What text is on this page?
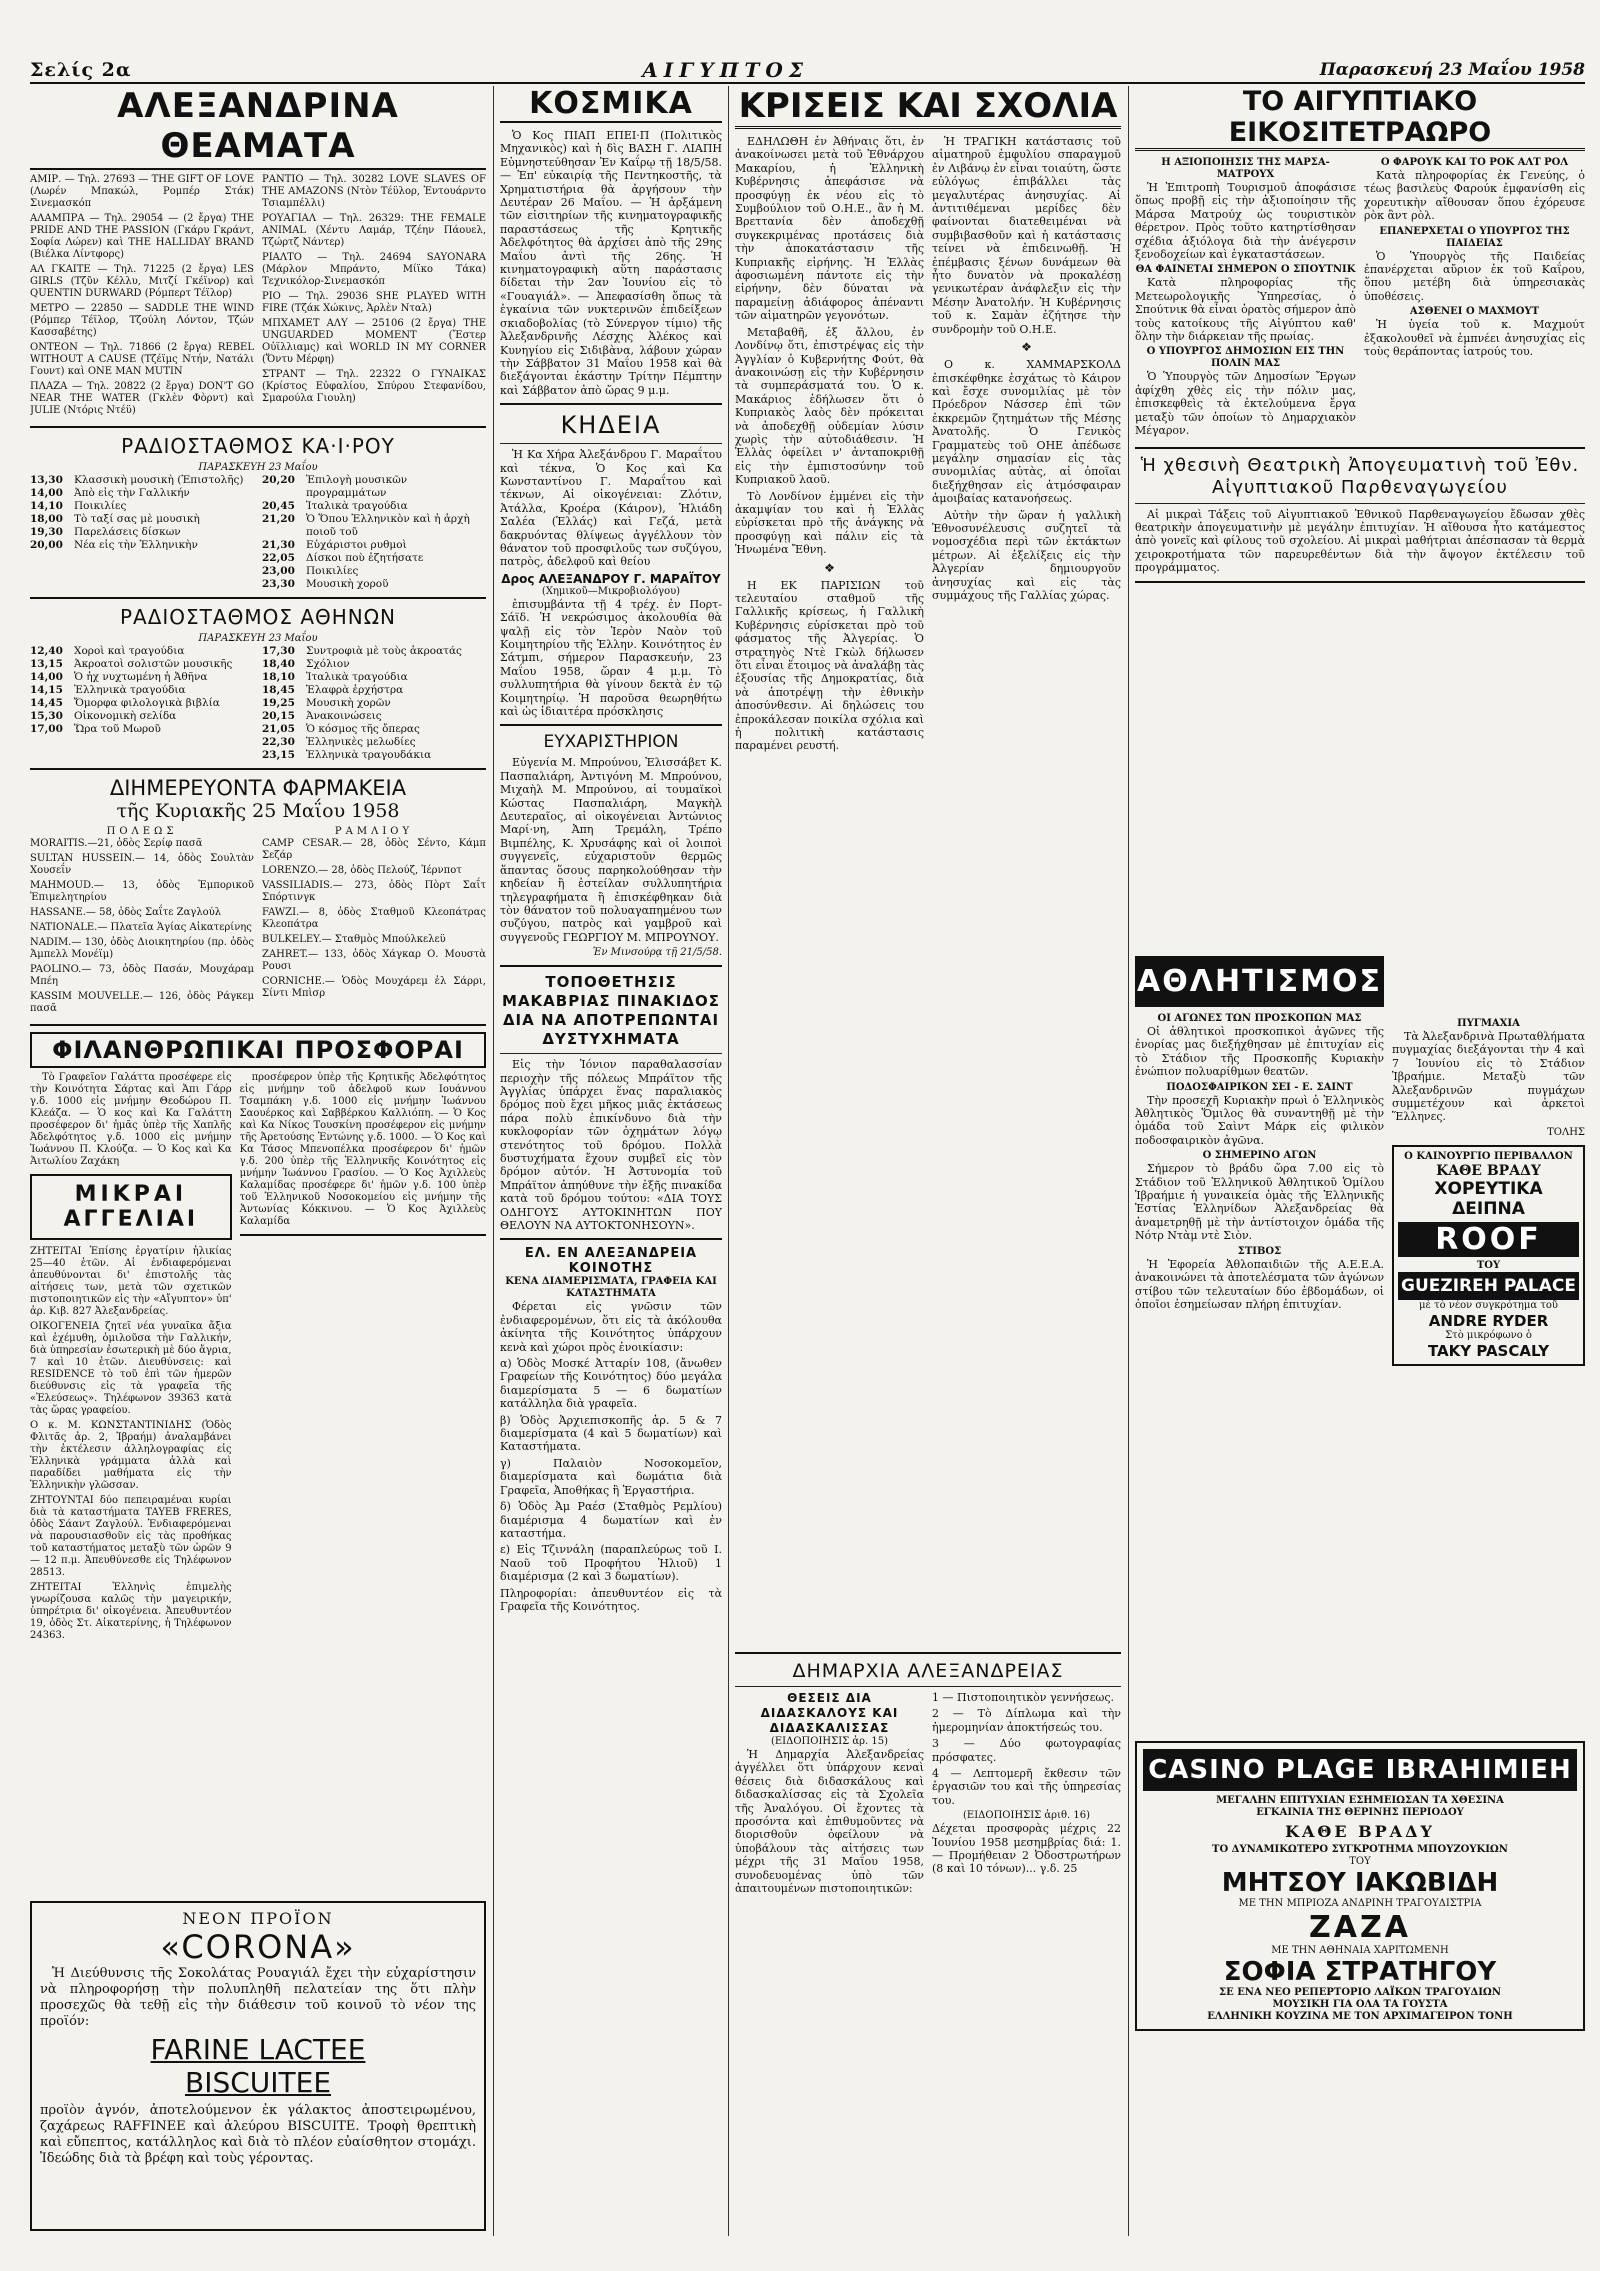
Σελίς 2α	ΑΙΓΥΠΤΟΣ	Παρασκευή 23 Μαΐου 1958
ΑΛΕΞΑΝΔΡΙΝΑ ΘΕΑΜΑΤΑ

ΑΜΙΡ. — Τηλ. 27693 — THE GIFT OF LOVE (Λωρέν Μπακώλ, Ρομπέρ Στάκ) Σινεμασκόπ

ΑΛΑΜΠΡΑ — Τηλ. 29054 — (2 ἔργα) THE PRIDE AND THE PASSION (Γκάρυ Γκράντ, Σοφία Λώρεν) καὶ THE HALLIDAY BRAND (Βιέλκα Λίντφορς)

ΑΛ ΓΚΑΙΤΕ — Τηλ. 71225 (2 ἔργα) LES GIRLS (Τζῦν Κέλλυ, Μιτζί Γκέϊνορ) καὶ QUENTIN DURWARD (Ρόμπερτ Τέϊλορ)

ΜΕΤΡΟ — 22850 — SADDLE THE WIND (Ρόμπερ Τέϊλορ, Τζούλη Λόντον, Τζών Κασσαβέτης)

ΟΝΤΕΟΝ — Τηλ. 71866 (2 ἔργα) REBEL WITHOUT A CAUSE (Τζέϊμς Ντήν, Νατάλι Γουντ) καὶ ONE MAN MUTIN

ΠΛΑΖΑ — Τηλ. 20822 (2 ἔργα) DON'T GO NEAR THE WATER (Γκλὲν Φὸρντ) καὶ JULIE (Ντόρις Ντέϋ)

ΡΑΝΤΙΟ — Τηλ. 30282 LOVE SLAVES OF THE AMAZONS (Ντὸν Τέϋλορ, Ἐντουάρντο Τσιαμπέλλι)

ΡΟΥΑΓΙΑΛ — Τηλ. 26329: THE FEMALE ANIMAL (Χέντυ Λαμάρ, Τζέην Πάουελ, Τζώρτζ Νάντερ)

ΡΙΑΛΤΟ — Τηλ. 24694 SAYONARA (Μάρλον Μπράντο, Μίϊκο Τάκα) Τεχνικόλορ-Σινεμασκόπ

ΡΙΟ — Τηλ. 29036 SHE PLAYED WITH FIRE (Τζάκ Χώκινς, Ἀρλὲν Νταλ)

ΜΠΧΑΜΕΤ ΑΛΥ — 25106 (2 ἔργα) THE UNGUARDED MOMENT (Ἔστερ Οὐϊλλιαμς) καὶ WORLD IN MY CORNER (Ὄντυ Μέρφη)

ΣΤΡΑΝΤ — Τηλ. 22322 Ο ΓΥΝΑΙΚΑΣ (Κρίστος Εὐφαλίου, Σπύρου Στεφανίδου, Σμαρούλα Γιουλη)

ΡΑΔΙΟΣΤΑΘΜΟΣ ΚΑ·Ι·ΡΟΥ
ΠΑΡΑΣΚΕΥΗ 23 Μαΐου
13,30	Κλασσικὴ μουσικὴ (Ἐπιστολῆς)
14,00	Ἀπὸ εἰς τὴν Γαλλικήν
14,10	Ποικιλίες
18,00	Τὸ ταξί σας μὲ μουσικὴ
19,30	Παρελάσεις δίσκων
20,00	Νέα εἰς τὴν Ἑλληνικὴν
20,20	Ἐπιλογὴ μουσικῶν προγραμμάτων
20,45	Ἰταλικὰ τραγούδια
21,20	Ὁ Ὅπου Ἐλληνικὸν καὶ ἡ ἀρχὴ ποιοῦ τοῦ
21,30	Εὐχάριστοι ρυθμοὶ
22,05	Δίσκοι ποὺ ἐζητήσατε
23,00	Ποικιλίες
23,30	Μουσικὴ χοροῦ
ΡΑΔΙΟΣΤΑΘΜΟΣ ΑΘΗΝΩΝ
ΠΑΡΑΣΚΕΥΗ 23 Μαΐου
12,40	Χοροὶ καὶ τραγούδια
13,15	Ἀκροατοὶ σολιστῶν μουσικῆς
14,00	Ὁ ἠχ νυχτωμένη ἡ Ἀθῆνα
14,15	Ἐλληνικὰ τραγούδια
14,45	Ὄμορφα φιλολογικὰ βιβλία
15,30	Οἰκονομικὴ σελίδα
17,00	Ὥρα τοῦ Μωροῦ
17,30	Συντροφιὰ μὲ τοὺς ἀκροατάς
18,40	Σχόλιον
18,10	Ἰταλικὰ τραγούδια
18,45	Ἑλαφρὰ ἐρχήστρα
19,25	Μουσικὴ χορῶν
20,15	Ἀνακοινώσεις
21,05	Ὁ κόσμος τῆς ὄπερας
22,30	Ἑλληνικὲς μελωδίες
23,15	Ἑλληνικὰ τραγουδάκια
ΔΙΗΜΕΡΕΥΟΝΤΑ ΦΑΡΜΑΚΕΙΑ
τῆς Κυριακῆς 25 Μαΐου 1958
ΠΟΛΕΩΣ

MORAITIS.—21, ὁδὸς Σερίφ πασᾶ

SULTAN HUSSEIN.— 14, ὁδὸς Σουλτὰν Χουσεΐν

MAHMOUD.— 13, ὁδὸς Ἐμπορικοῦ Ἐπιμελητηρίου

HASSANE.— 58, ὁδὸς Σαΐτε Ζαγλούλ

NATIONALE.— Πλατεῖα Ἁγίας Αἰκατερίνης

NADIM.— 130, ὁδὸς Διοικητηρίου (πρ. ὁδὸς Ἀμπελλ Μονέϊμ)

PAOLINO.— 73, ὁδὸς Πασάν, Μουχάραμ Μπέη

KASSIM MOUVELLE.— 126, ὁδὸς Ράγκεμ πασᾶ

ΡΑΜΛΙΟΥ

CAMP CESAR.— 28, ὁδὸς Σέντο, Κάμπ Σεζάρ

LORENZO.— 28, ὁδὸς Πελούζ, Ἱέρνποτ

VASSILIADIS.— 273, ὁδὸς Πὸρτ Σαΐτ Σπόρτινγκ

FAWZI.— 8, ὁδὸς Σταθμοῦ Κλεοπάτρας Κλεοπάτρα

BULKELEY.— Σταθμὸς Μπούλκελεϋ

ZAHRET.— 133, ὁδὸς Χάγκαρ Ο. Μουστὰ Ρουσι

CORNICHE.— Ὁδὸς Μουχάρεμ ἐλ Σάρρι, Σίντι Μπὶσρ

ΦΙΛΑΝΘΡΩΠΙΚΑΙ ΠΡΟΣΦΟΡΑΙ

Τὸ Γραφεῖον Γαλάττα προσέφερε εἰς τὴν Κοινότητα Σάρτας καὶ Ἀπι Γάρρ γ.δ. 1000 εἰς μνήμην Θεοδώρου Π. Κλεάζα. — Ὁ κος καὶ Κα Γαλάττη προσέφερον δι' ἡμᾶς ὑπὲρ τῆς Χαπλῆς Ἀδελφότητος γ.δ. 1000 εἰς μνήμην Ἰωάννου Π. Κλούζα. — Ὁ Κος καὶ Κα Ἀιτωλίου Ζαχάκη

ΜΙΚΡΑΙ
ΑΓΓΕΛΙΑΙ

ΖΗΤΕΙΤΑΙ Ἐπίσης ἐργατίριν ἡλικίας 25—40 ἐτῶν. Αἱ ἐνδιαφερόμεναι ἀπευθύνονται δι' ἐπιστολῆς τὰς αἰτήσεις των, μετὰ τῶν σχετικῶν πιστοποιητικῶν εἰς τὴν «Αἴγυπτον» ὑπ' ἀρ. Κιβ. 827 Ἀλεξανδρείας.

ΟΙΚΟΓΕΝΕΙΑ ζητεῖ νέα γυναῖκα ἄξια καὶ ἐχέμυθη, ὁμιλοῦσα τὴν Γαλλικήν, διὰ ὑπηρεσίαν ἐσωτερικὴ μὲ δύο ἄγρια, 7 καὶ 10 ἐτῶν. Διευθύνσεις: καὶ RESIDENCE τὸ τοῦ ἐπὶ τῶν ἡμερῶν διεύθυνσις εἰς τὰ γραφεῖα τῆς «Ἐλεύσεως». Τηλέφωνον 39363 κατὰ τὰς ὥρας γραφείου.

Ο κ. Μ. ΚΩΝΣΤΑΝΤΙΝΙΔΗΣ (Ὁδὸς Φλιτᾶς ἀρ. 2, Ἰβραήμ) ἀναλαμβάνει τὴν ἐκτέλεσιν ἀλληλογραφίας εἰς Ἑλληνικὰ γράμματα ἀλλὰ καὶ παραδίδει μαθήματα εἰς τὴν Ἑλληνικὴν γλῶσσαν.

ΖΗΤΟΥΝΤΑΙ δύο πεπειραμέναι κυρίαι διὰ τὰ καταστήματα TAYEB FRERES, ὁδὸς Σάαντ Ζαγλούλ. Ἐνδιαφερόμεναι νὰ παρουσιασθοῦν εἰς τὰς προθήκας τοῦ καταστήματος μεταξὺ τῶν ὡρῶν 9 — 12 π.μ. Ἀπευθύνεσθε εἰς Τηλέφωνον 28513.

ΖΗΤΕΙΤΑΙ Ἑλληνὶς ἐπιμελὴς γνωρίζουσα καλῶς τὴν μαγειρικήν, ὑπηρέτρια δι' οἰκογένεια. Ἀπευθυντέον 19, ὁδὸς Στ. Αἰκατερίνης, ἡ Τηλέφωνον 24363.

προσέφερον ὑπὲρ τῆς Κρητικῆς Ἀδελφότητος εἰς μνήμην τοῦ ἀδελφοῦ κων Ιουάννου Τσαμπάκη γ.δ. 1000 εἰς μνήμην Ἰωάννου Σαουέρκος καὶ Σαββέρκου Καλλιόπη. — Ὁ Κος καὶ Κα Νίκος Τουσκίνη προσέφερον εἰς μνήμην τῆς Ἀρετούσης Ἐντώνης γ.δ. 1000. — Ὁ Κος καὶ Κα Τάσος Μπενοπέλκα προσέφερον δι' ἡμῶν γ.δ. 200 ὑπὲρ τῆς Ἑλληνικῆς Κοινότητος εἰς μνήμην Ἰωάννου Γρασίου. — Ὁ Κος Ἀχιλλεὺς Καλαμίδας προσέφερε δι' ἡμῶν γ.δ. 100 ὑπὲρ τοῦ Ἐλληνικοῦ Νοσοκομείου εἰς μνήμην τῆς Ἀντωνίας Κόκκινου. — Ὁ Κος Ἀχιλλεὺς Καλαμίδα

ΝΕΟΝ ΠΡΟΪΟΝ
«CORONA»

Ἡ Διεύθυνσις τῆς Σοκολάτας Ρουαγιάλ ἔχει τὴν εὐχαρίστησιν νὰ πληροφορήσῃ τὴν πολυπληθῆ πελατείαν της ὅτι πλὴν προσεχῶς θὰ τεθῇ εἰς τὴν διάθεσιν τοῦ κοινοῦ τὸ νέον της προϊόν:

FARINE LACTEE
BISCUITEE

προϊὸν ἁγνόν, ἀποτελούμενον ἐκ γάλακτος ἀποστειρωμένου, ζαχάρεως RAFFINEE καὶ ἀλεύρου BISCUITE. Τροφὴ θρεπτικὴ καὶ εὔπεπτος, κατάλληλος καὶ διὰ τὸ πλέον εὐαίσθητον στομάχι. Ἰδεώδης διὰ τὰ βρέφη καὶ τοὺς γέροντας.

ΚΟΣΜΙΚΑ

Ὁ Κος ΠΙΑΠ ΕΠΕΙ·Π (Πολιτικὸς Μηχανικὸς) καὶ ἡ δὶς ΒΑΣΗ Γ. ΛΙΑΠΗ Εὐμνηστεύθησαν Ἐν Καΐρῳ τῇ 18/5/58. — Ἐπ' εὐκαιρίᾳ τῆς Πεντηκοστῆς, τὰ Χρηματιστήρια θὰ ἀργήσουν τὴν Δευτέραν 26 Μαΐου. — Ἡ ἀρξάμενη τῶν εἰσιτηρίων τῆς κινηματογραφικῆς παραστάσεως τῆς Κρητικῆς Ἀδελφότητος θὰ ἀρχίσει ἀπὸ τῆς 29ης Μαΐου ἀντὶ τῆς 26ης. Ἡ κινηματογραφικὴ αὕτη παράστασις δίδεται τὴν 2αν Ἰουνίου εἰς τὸ «Γουαγιάλ». — Ἀπεφασίσθη ὅπως τὰ ἐγκαίνια τῶν νυκτερινῶν ἐπιδείξεων σκιαδοβολίας (τὸ Σύνεργον τίμιο) τῆς Ἀλεξανδρινῆς Λέσχης Ἀλέκος καὶ Κυνηγίου εἰς Σιδιβὰνα, λάβουν χώραν τὴν Σάββατον 31 Μαΐου 1958 καὶ θὰ διεξάγονται ἑκάστην Τρίτην Πέμπτην καὶ Σάββατον ἀπὸ ὥρας 9 μ.μ.

ΚΗΔΕΙΑ

Ἡ Κα Χήρα Ἀλεξάνδρου Γ. Μαραΐτου καὶ τέκνα, Ὁ Κος καὶ Κα Κωνσταντίνου Γ. Μαραΐτου καὶ τέκνων, Αἱ οἰκογένειαι: Ζλότιν, Ἀτάλλα, Κροέρα (Κάιρον), Ἡλιάδη Σαλέα (Ἑλλάς) καὶ Γεζά, μετὰ δακρυόντας θλίψεως ἀγγέλλουν τὸν θάνατον τοῦ προσφιλοῦς των συζύγου, πατρὸς, ἀδελφοῦ καὶ θείου

Δρος ΑΛΕΞΑΝΔΡΟΥ Γ. ΜΑΡΑΪΤΟΥ
(Χημικοῦ—Μικροβιολόγου)

ἐπισυμβάντα τῇ 4 τρέχ. ἐν Πορτ-Σάϊδ. Ἡ νεκρώσιμος ἀκολουθία θὰ ψαλῇ εἰς τὸν Ἱερὸν Ναὸν τοῦ Κοιμητηρίου τῆς Ἑλλην. Κοινότητος ἐν Σάτμπι, σήμερον Παρασκευήν, 23 Μαΐου 1958, ὥραν 4 μ.μ. Τὸ συλλυπητήρια θὰ γίνουν δεκτὰ ἐν τῷ Κοιμητηρίῳ. Ἡ παροῦσα θεωρηθήτω καὶ ὡς ἰδιαιτέρα πρόσκλησις

ΕΥΧΑΡΙΣΤΗΡΙΟΝ

Εὐγενία Μ. Μπρούνου, Ἐλισσάβετ Κ. Πασπαλιάρη, Ἀντιγόνη Μ. Μπρούνου, Μιχαὴλ Μ. Μπρούνου, αἱ τουμαϊκοὶ Κώστας Πασπαλιάρη, Μαγκὴλ Δευτεραῖος, αἱ οἰκογένειαι Ἀντώνιος Μαρί·νη, Ἀπη Τρεμάλη, Τρέπο Βιμπέλης, Κ. Χρυσάφης καὶ οἱ λοιποὶ συγγενεῖς, εὐχαριστοῦν θερμῶς ἅπαντας ὅσους παρηκολούθησαν τὴν κηδείαν ἢ ἐστείλαν συλλυπητήρια τηλεγραφήματα ἢ ἐπισκέφθηκαν διὰ τὸν θάνατον τοῦ πολυαγαπημένου των συζύγου, πατρὸς καὶ γαμβροῦ καὶ συγγενοῦς ΓΕΩΡΓΙΟΥ Μ. ΜΠΡΟΥΝΟΥ.

Ἐν Μινσούρᾳ τῇ 21/5/58.
ΤΟΠΟΘΕΤΗΣΙΣ ΜΑΚΑΒΡΙΑΣ ΠΙΝΑΚΙΔΟΣ ΔΙΑ ΝΑ ΑΠΟΤΡΕΠΩΝΤΑΙ ΔΥΣΤΥΧΗΜΑΤΑ

Εἰς τὴν Ἰόνιον παραθαλασσίαν περιοχὴν τῆς πόλεως Μπράϊτον τῆς Ἀγγλίας ὑπάρχει ἕνας παραλιακὸς δρόμος ποὺ ἔχει μῆκος μιᾶς ἐκτάσεως πάρα πολὺ ἐπικίνδυνο διὰ τὴν κυκλοφορίαν τῶν ὀχημάτων λόγῳ στενότητος τοῦ δρόμου. Πολλὰ δυστυχήματα ἔχουν συμβεῖ εἰς τὸν δρόμον αὐτόν. Ἡ Ἀστυνομία τοῦ Μπράϊτον ἀπηύθυνε τὴν ἑξῆς πινακίδα κατὰ τοῦ δρόμου τούτου: «ΔΙΑ ΤΟΥΣ ΟΔΗΓΟΥΣ ΑΥΤΟΚΙΝΗΤΩΝ ΠΟΥ ΘΕΛΟΥΝ ΝΑ ΑΥΤΟΚΤΟΝΗΣΟΥΝ».

ΕΛ. ΕΝ ΑΛΕΞΑΝΔΡΕΙΑ ΚΟΙΝΟΤΗΣ
ΚΕΝΑ ΔΙΑΜΕΡΙΣΜΑΤΑ, ΓΡΑΦΕΙΑ ΚΑΙ ΚΑΤΑΣΤΗΜΑΤΑ

Φέρεται εἰς γνῶσιν τῶν ἐνδιαφερομένων, ὅτι εἰς τὰ ἀκόλουθα ἀκίνητα τῆς Κοινότητος ὑπάρχουν κενὰ καὶ χώροι πρὸς ἐνοικίασιν:

α) Ὁδὸς Μοσκέ Ἀτταρίν 108, (ἄνωθεν Γραφείων τῆς Κοινότητος) δύο μεγάλα διαμερίσματα 5 — 6 δωματίων κατάλληλα διὰ γραφεῖα.

β) Ὁδὸς Ἀρχιεπισκοπῆς ἀρ. 5 & 7 διαμερίσματα (4 καὶ 5 δωματίων) καὶ Καταστήματα.

γ) Παλαιὸν Νοσοκομεῖον, διαμερίσματα καὶ δωμάτια διὰ Γραφεῖα, Ἀποθήκας ἢ Ἐργαστήρια.

δ) Ὁδὸς Ἀμ Ραέσ (Σταθμὸς Ρεμλίου) διαμέρισμα 4 δωματίων καὶ ἐν καταστήμα.

ε) Εἰς Τζιννάλη (παραπλεύρως τοῦ Ι. Ναοῦ τοῦ Προφήτου Ἠλιοῦ) 1 διαμέρισμα (2 καὶ 3 δωματίων).

Πληροφορίαι: ἀπευθυντέον εἰς τὰ Γραφεῖα τῆς Κοινότητος.

ΚΡΙΣΕΙΣ ΚΑΙ ΣΧΟΛΙΑ

ΕΔΗΛΩΘΗ ἐν Ἀθήναις ὅτι, ἐν ἀνακοίνωσει μετὰ τοῦ Ἐθνάρχου Μακαρίου, ἡ Ἑλληνικὴ Κυβέρνησις ἀπεφάσισε νὰ προσφύγῃ ἐκ νέου εἰς τὸ Συμβούλιον τοῦ Ο.Η.Ε., ἂν ἡ Μ. Βρεττανία δὲν ἀποδεχθῇ συγκεκριμένας προτάσεις διὰ τὴν ἀποκατάστασιν τῆς Κυπριακῆς εἰρήνης. Ἡ Ἑλλὰς ἀφοσιωμένη πάντοτε εἰς τὴν εἰρήνην, δὲν δύναται νὰ παραμείνῃ ἀδιάφορος ἀπέναντι τῶν αἱματηρῶν γεγονότων.

Μεταβαθῆ, ἐξ ἄλλου, ἐν Λονδίνῳ ὅτι, ἐπιστρέψας εἰς τὴν Ἀγγλίαν ὁ Κυβερνήτης Φούτ, θὰ ἀνακοινώσῃ εἰς τὴν Κυβέρνησιν τὰ συμπεράσματά του. Ὁ κ. Μακάριος ἐδήλωσεν ὅτι ὁ Κυπριακὸς λαὸς δὲν πρόκειται νὰ ἀποδεχθῇ οὐδεμίαν λύσιν χωρὶς τὴν αὐτοδιάθεσιν. Ἡ Ἑλλὰς ὀφείλει ν' ἀνταποκριθῇ εἰς τὴν ἐμπιστοσύνην τοῦ Κυπριακοῦ λαοῦ.

Τὸ Λονδίνον ἐμμένει εἰς τὴν ἀκαμψίαν του καὶ ἡ Ἑλλὰς εὑρίσκεται πρὸ τῆς ἀνάγκης νὰ προσφύγῃ καὶ πάλιν εἰς τὰ Ἡνωμένα Ἔθνη.

❖

Η ΕΚ ΠΑΡΙΣΙΩΝ τοῦ τελευταίου σταθμοῦ τῆς Γαλλικῆς κρίσεως, ἡ Γαλλικὴ Κυβέρνησις εὑρίσκεται πρὸ τοῦ φάσματος τῆς Ἀλγερίας. Ὁ στρατηγὸς Ντὲ Γκὼλ δήλωσεν ὅτι εἶναι ἕτοιμος νὰ ἀναλάβῃ τὰς ἐξουσίας τῆς Δημοκρατίας, διὰ νὰ ἀποτρέψῃ τὴν ἐθνικὴν ἀποσύνθεσιν. Αἱ δηλώσεις του ἐπροκάλεσαν ποικίλα σχόλια καὶ ἡ πολιτικὴ κατάστασις παραμένει ρευστή.

Ἡ ΤΡΑΓΙΚΗ κατάστασις τοῦ αἱματηροῦ ἐμφυλίου σπαραγμοῦ ἐν Λιβάνῳ ἐν εἶναι τοιαύτη, ὥστε εὐλόγως ἐπιβάλλει τὰς μεγαλυτέρας ἀνησυχίας. Αἱ ἀντιτιθέμεναι μερίδες δὲν φαίνονται διατεθειμέναι νὰ συμβιβασθοῦν καὶ ἡ κατάστασις τείνει νὰ ἐπιδεινωθῇ. Ἡ ἐπέμβασις ξένων δυνάμεων θὰ ἦτο δυνατὸν νὰ προκαλέσῃ γενικωτέραν ἀνάφλεξιν εἰς τὴν Μέσην Ἀνατολήν. Ἡ Κυβέρνησις τοῦ κ. Σαμὰν ἐζήτησε τὴν συνδρομὴν τοῦ Ο.Η.Ε.

❖

Ο κ. ΧΑΜΜΑΡΣΚΟΛΔ ἐπισκέφθηκε ἐσχάτως τὸ Κάιρον καὶ ἔσχε συνομιλίας μὲ τὸν Πρόεδρον Νάσσερ ἐπὶ τῶν ἐκκρεμῶν ζητημάτων τῆς Μέσης Ἀνατολῆς. Ὁ Γενικὸς Γραμματεὺς τοῦ ΟΗΕ ἀπέδωσε μεγάλην σημασίαν εἰς τὰς συνομιλίας αὐτὰς, αἱ ὁποῖαι διεξήχθησαν εἰς ἀτμόσφαιραν ἀμοιβαίας κατανοήσεως.

Αὐτὴν τὴν ὥραν ἡ γαλλικὴ Ἐθνοσυνέλευσις συζητεῖ τὰ νομοσχέδια περὶ τῶν ἐκτάκτων μέτρων. Αἱ ἐξελίξεις εἰς τὴν Ἀλγερίαν δημιουργοῦν ἀνησυχίας καὶ εἰς τὰς συμμάχους τῆς Γαλλίας χώρας.

ΔΗΜΑΡΧΙΑ ΑΛΕΞΑΝΔΡΕΙΑΣ
ΘΕΣΕΙΣ ΔΙΑ ΔΙΔΑΣΚΑΛΟΥΣ ΚΑΙ ΔΙΔΑΣΚΑΛΙΣΣΑΣ
(ΕΙΔΟΠΟΙΗΣΙΣ ἀρ. 15)

Ἡ Δημαρχία Ἀλεξανδρείας ἀγγέλλει ὅτι ὑπάρχουν κεναὶ θέσεις διὰ διδασκάλους καὶ διδασκαλίσσας εἰς τὰ Σχολεῖα τῆς Ἀναλόγου. Οἱ ἔχοντες τὰ προσόντα καὶ ἐπιθυμοῦντες νὰ διορισθοῦν ὀφείλουν νὰ ὑποβάλουν τὰς αἰτήσεις των μέχρι τῆς 31 Μαΐου 1958, συνοδευομένας ὑπὸ τῶν ἀπαιτουμένων πιστοποιητικῶν:

1 — Πιστοποιητικὸν γεννήσεως.

2 — Τὸ Δίπλωμα καὶ τὴν ἡμερομηνίαν ἀποκτήσεώς του.

3 — Δύο φωτογραφίας πρόσφατες.

4 — Λεπτομερῆ ἔκθεσιν τῶν ἐργασιῶν του καὶ τῆς ὑπηρεσίας του.

(ΕΙΔΟΠΟΙΗΣΙΣ ἀριθ. 16)

Δέχεται προσφορὰς μέχρις 22 Ἰουνίου 1958 μεσημβρίας διά: 1.— Προμήθειαν 2 Ὀδοστρωτήρων (8 καὶ 10 τόνων)... γ.δ. 25

ΤΟ ΑΙΓΥΠΤΙΑΚΟ ΕΙΚΟΣΙΤΕΤΡΑΩΡΟ
Η ΑΞΙΟΠΟΙΗΣΙΣ ΤΗΣ ΜΑΡΣΑ-ΜΑΤΡΟΥΧ

Ἡ Ἐπιτροπὴ Τουρισμοῦ ἀποφάσισε ὅπως προβῇ εἰς τὴν ἀξιοποίησιν τῆς Μάρσα Ματρούχ ὡς τουριστικὸν θέρετρον. Πρὸς τοῦτο κατηρτίσθησαν σχέδια ἀξιόλογα διὰ τὴν ἀνέγερσιν ξενοδοχείων καὶ ἐγκαταστάσεων.

ΘΑ ΦΑΙΝΕΤΑΙ ΣΗΜΕΡΟΝ Ο ΣΠΟΥΤΝΙΚ

Κατὰ πληροφορίας τῆς Μετεωρολογικῆς Ὑπηρεσίας, ὁ Σπούτνικ θὰ εἶναι ὁρατὸς σήμερον ἀπὸ τοὺς κατοίκους τῆς Αἰγύπτου καθ' ὅλην τὴν διάρκειαν τῆς πρωίας.

Ο ΥΠΟΥΡΓΟΣ ΔΗΜΟΣΙΩΝ ΕΙΣ ΤΗΝ ΠΟΛΙΝ ΜΑΣ

Ὁ Ὑπουργὸς τῶν Δημοσίων Ἔργων ἀφίχθη χθὲς εἰς τὴν πόλιν μας, ἐπισκεφθεὶς τὰ ἐκτελούμενα ἔργα μεταξὺ τῶν ὁποίων τὸ Δημαρχιακὸν Μέγαρον.

Ο ΦΑΡΟΥΚ ΚΑΙ ΤΟ ΡΟΚ ΑΛΤ ΡΟΛ

Κατὰ πληροφορίας ἐκ Γενεύης, ὁ τέως βασιλεὺς Φαρούκ ἐμφανίσθη εἰς χορευτικὴν αἴθουσαν ὅπου ἐχόρευσε ρὸκ ἂντ ρὸλ.

ΕΠΑΝΕΡΧΕΤΑΙ Ο ΥΠΟΥΡΓΟΣ ΤΗΣ ΠΑΙΔΕΙΑΣ

Ὁ Ὑπουργὸς τῆς Παιδείας ἐπανέρχεται αὔριον ἐκ τοῦ Καΐρου, ὅπου μετέβη διὰ ὑπηρεσιακὰς ὑποθέσεις.

ΑΣΘΕΝΕΙ Ο ΜΑΧΜΟΥΤ

Ἡ ὑγεία τοῦ κ. Μαχμούτ ἐξακολουθεῖ νὰ ἐμπνέει ἀνησυχίας εἰς τοὺς θεράποντας ἰατρούς του.

Ἡ χθεσινὴ Θεατρικὴ Ἀπογευματινὴ τοῦ Ἐθν. Αἰγυπτιακοῦ Παρθεναγωγείου

Αἱ μικραὶ Τάξεις τοῦ Αἰγυπτιακοῦ Ἐθνικοῦ Παρθεναγωγείου ἔδωσαν χθὲς θεατρικὴν ἀπογευματινὴν μὲ μεγάλην ἐπιτυχίαν. Ἡ αἴθουσα ἦτο κατάμεστος ἀπὸ γονεῖς καὶ φίλους τοῦ σχολείου. Αἱ μικραὶ μαθήτριαι ἀπέσπασαν τὰ θερμὰ χειροκροτήματα τῶν παρευρεθέντων διὰ τὴν ἄψογον ἐκτέλεσιν τοῦ προγράμματος.

ΑΘΛΗΤΙΣΜΟΣ
ΟΙ ΑΓΩΝΕΣ ΤΩΝ ΠΡΟΣΚΟΠΩΝ ΜΑΣ

Οἱ ἀθλητικοὶ προσκοπικοὶ ἀγῶνες τῆς ἐνορίας μας διεξήχθησαν μὲ ἐπιτυχίαν εἰς τὸ Στάδιον τῆς Προσκοπῆς Κυριακὴν ἐνώπιον πολυαρίθμων θεατῶν.

ΠΟΔΟΣΦΑΙΡΙΚΟΝ ΣΕΙ - Ε. ΣΑΙΝΤ

Τὴν προσεχῆ Κυριακὴν πρωὶ ὁ Ἑλληνικὸς Ἀθλητικὸς Ὅμιλος θὰ συναντηθῇ μὲ τὴν ὁμάδα τοῦ Σαὶντ Μάρκ εἰς φιλικὸν ποδοσφαιρικὸν ἀγῶνα.

Ο ΣΗΜΕΡΙΝΟ ΑΓΩΝ

Σήμερον τὸ βράδυ ὥρα 7.00 εἰς τὸ Στάδιον τοῦ Ἑλληνικοῦ Ἀθλητικοῦ Ὁμίλου Ἱβραήμιε ἡ γυναικεία ὁμὰς τῆς Ἑλληνικῆς Ἑστίας Ἑλληνίδων Ἀλεξανδρείας θὰ ἀναμετρηθῇ μὲ τὴν ἀντίστοιχον ὁμάδα τῆς Νότρ Ντὰμ ντὲ Σιὸν.

ΣΤΙΒΟΣ

Ἡ Ἐφορεία Ἀθλοπαιδιῶν τῆς Α.Ε.Ε.Α. ἀνακοινώνει τὰ ἀποτελέσματα τῶν ἀγώνων στίβου τῶν τελευταίων δύο ἑβδομάδων, οἱ ὁποῖοι ἐσημείωσαν πλήρη ἐπιτυχίαν.

ΠΥΓΜΑΧΙΑ

Τὰ Ἀλεξανδρινὰ Πρωταθλήματα πυγμαχίας διεξάγονται τὴν 4 καὶ 7 Ἰουνίου εἰς τὸ Στάδιον Ἰβραήμιε. Μεταξὺ τῶν Ἀλεξανδρινῶν πυγμάχων συμμετέχουν καὶ ἀρκετοὶ Ἕλληνες.

ΤΟΛΗΣ
Ο ΚΑΙΝΟΥΡΓΙΟ ΠΕΡΙΒΑΛΛΟΝ
ΚΑΘΕ ΒΡΑΔΥ
ΧΟΡΕΥΤΙΚΑ ΔΕΙΠΝΑ
ROOF
ΤΟΥ
GUEZIREH PALACE
μὲ τὸ νέον συγκρότημα τοῦ
ANDRE RYDER
Στὸ μικρόφωνο ὁ
TAKY PASCALY
CASINO PLAGE IBRAHIMIEH
ΜΕΓΑΛΗΝ ΕΠΙΤΥΧΙΑΝ ΕΣΗΜΕΙΩΣΑΝ ΤΑ ΧΘΕΣΙΝΑ
ΕΓΚΑΙΝΙΑ ΤΗΣ ΘΕΡΙΝΗΣ ΠΕΡΙΟΔΟΥ
ΚΑΘΕ ΒΡΑΔΥ
ΤΟ ΔΥΝΑΜΙΚΩΤΕΡΟ ΣΥΓΚΡΟΤΗΜΑ ΜΠΟΥΖΟΥΚΙΩΝ
ΤΟΥ
ΜΗΤΣΟΥ ΙΑΚΩΒΙΔΗ
ΜΕ ΤΗΝ ΜΠΡΙΟΖΑ ΑΝΔΡΙΝΗ ΤΡΑΓΟΥΔΙΣΤΡΙΑ
ΖΑΖΑ
ΜΕ ΤΗΝ ΑΘΗΝΑΙΑ ΧΑΡΙΤΩΜΕΝΗ
ΣΟΦΙΑ ΣΤΡΑΤΗΓΟΥ
ΣΕ ΕΝΑ ΝΕΟ ΡΕΠΕΡΤΟΡΙΟ ΛΑΪΚΩΝ ΤΡΑΓΟΥΔΙΩΝ
ΜΟΥΣΙΚΗ ΓΙΑ ΟΛΑ ΤΑ ΓΟΥΣΤΑ
ΕΛΛΗΝΙΚΗ ΚΟΥΖΙΝΑ ΜΕ ΤΟΝ ΑΡΧΙΜΑΓΕΙΡΟΝ ΤΟΝΗ
